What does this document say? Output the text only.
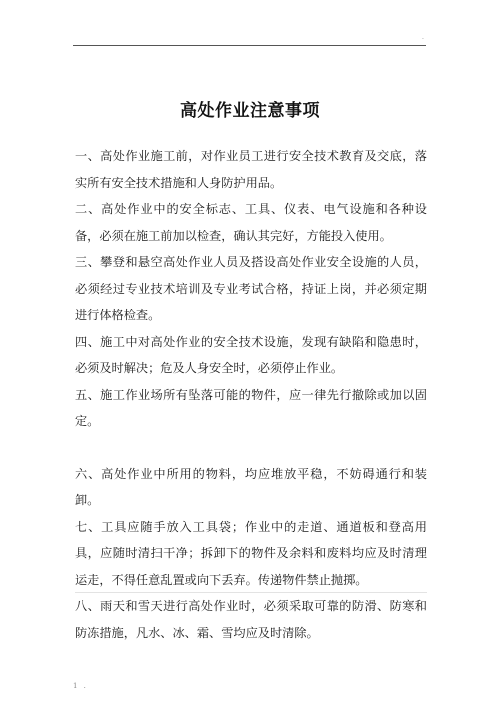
.
高处作业注意事项

一、高处作业施工前，对作业员工进行安全技术教育及交底，落实所有安全技术措施和人身防护用品。

二、高处作业中的安全标志、工具、仪表、电气设施和各种设备，必须在施工前加以检查，确认其完好，方能投入使用。

三、攀登和悬空高处作业人员及搭设高处作业安全设施的人员，必须经过专业技术培训及专业考试合格，持证上岗，并必须定期进行体格检查。

四、施工中对高处作业的安全技术设施，发现有缺陷和隐患时，必须及时解决；危及人身安全时，必须停止作业。

五、施工作业场所有坠落可能的物件，应一律先行撤除或加以固定。

六、高处作业中所用的物料，均应堆放平稳，不妨碍通行和装卸。

七、工具应随手放入工具袋；作业中的走道、通道板和登高用具，应随时清扫干净；拆卸下的物件及余料和废料均应及时清理运走，不得任意乱置或向下丢弃。传递物件禁止抛掷。

八、雨天和雪天进行高处作业时，必须采取可靠的防滑、防寒和防冻措施，凡水、冰、霜、雪均应及时清除。

1 .
